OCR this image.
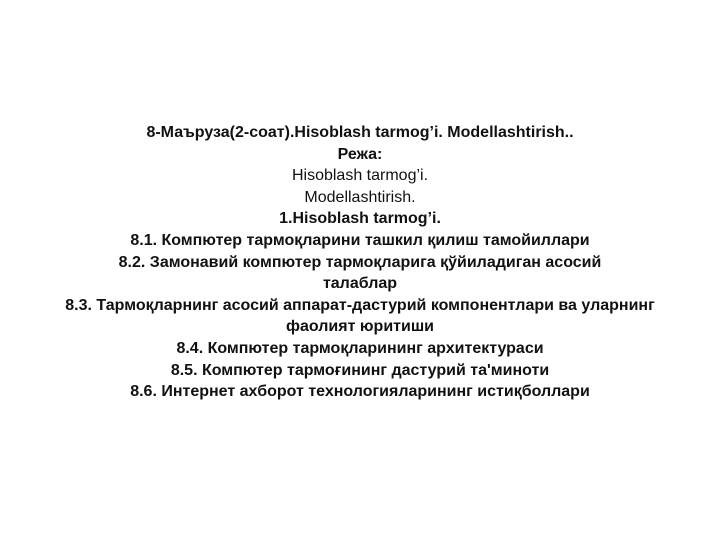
8-Маъруза(2-соат).Hisoblash tarmog’i. Modellashtirish..
Режа:
Hisoblash tarmog’i.
Modellashtirish.
1.Hisoblash tarmog’i.
8.1. Компютер тармоқларини ташкил қилиш тамойиллари
8.2. Замонавий компютер тармоқларига қўйиладиган асосий талаблар
8.3. Тармоқларнинг асосий аппарат-дастурий компонентлари ва уларнинг фаолият юритиши
8.4. Компютер тармоқларининг архитектураси
8.5. Компютер тармоғининг дастурий та'миноти
8.6. Интернет ахборот технологияларининг истиқболлари
